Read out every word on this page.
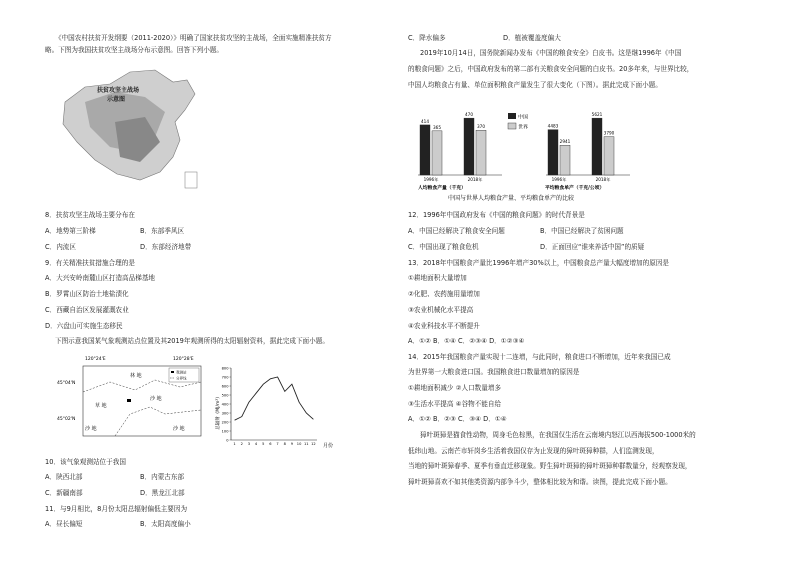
《中国农村扶贫开发纲要（2011-2020）》明确了国家扶贫攻坚的主战场，全面实施精准扶贫方
略。下图为我国扶贫攻坚主战场分布示意图。回答下列小题。
扶贫攻坚主战场
示意图
8．扶贫攻坚主战场主要分布在
A．地势第三阶梯	B．东部季风区
C．内流区	D．东部经济地带
9．有关精准扶贫措施合理的是
A．大兴安岭南麓山区打造高品梯基地
B．罗霄山区防治土地盐渍化
C．西藏自治区发展灌溉农业
D．六盘山可实施生态移民
下图示意我国某气象观测站点位置及其2019年观测所得的太阳辐射资料，据此完成下面小题。
120°24'E	120°28'E
45°04'N
45°02'N
林 地
草 地
沙 地
沙 地	沙 地
观测站
分界线
总辐射（MJ/m²）
月份
0
100
200
300
400
500
600
700
800
1 2 3 4 5 6 7 8 9 10 11 12
10．该气象观测站位于我国
A．陕西北部	B．内蒙古东部
C．新疆南部	D．黑龙江北部
11．与9月相比，8月份太阳总辐射偏低主要因为
A．昼长偏短	B．太阳高度偏小
C．降水偏多	D．植被覆盖度偏大
2019年10月14日，国务院新闻办发布《中国的粮食安全》白皮书。这是继1996年《中国
的粮食问题》之后，中国政府发布的第二部有关粮食安全问题的白皮书。20多年来，与世界比较，
中国人均粮食占有量、单位面积粮食产量发生了很大变化（下图）。据此完成下面小题。
中国
世界
414
365
1996年
470
370
2018年
4483
2941
1996年
5621
3790
2018年
人均粮食产量（千克）	平均粮食单产（千克/公顷）
中国与世界人均粮食产量、平均粮食单产的比较
12．1996年中国政府发布《中国的粮食问题》的时代背景是
A．中国已经解决了粮食安全问题	B．中国已经解决了贫困问题
C．中国出现了粮食危机	D．正面回应“谁来养活中国”的质疑
13．2018年中国粮食产量比1996年增产30%以上，中国粮食总产量大幅度增加的原因是
①耕地面积大量增加
②化肥、农药施用量增加
③农业机械化水平提高
④农业科技水平不断提升
A．①② B．①④ C．②③④ D．①②③④
14．2015年我国粮食产量实现十二连增，与此同时，粮食进口不断增加，近年来我国已成
为世界第一大粮食进口国。我国粮食进口数量增加的原因是
①耕地面积减少 ②人口数量增多
③生活水平提高 ④谷物不能自给
A．①② B．②③ C．③④ D．①④
獐叶斑獐是猫食性动物，周身毛色棕黑，在我国仅生活在云南境内怒江以西海拔500-1000米的
低纬山地。云南芒市轩岗乡生活着我国仅存为止发现的獐叶斑獐种群，人们监测发现，
当地的獐叶斑獐春季、夏季有垂直迁移现象。野生獐叶斑獐的獐叶斑獐种群数量分，经观察发现，
獐叶斑獐喜欢不如其他类资源内部争斗少，整体相比较为和谐。读图，提此完成下面小题。
